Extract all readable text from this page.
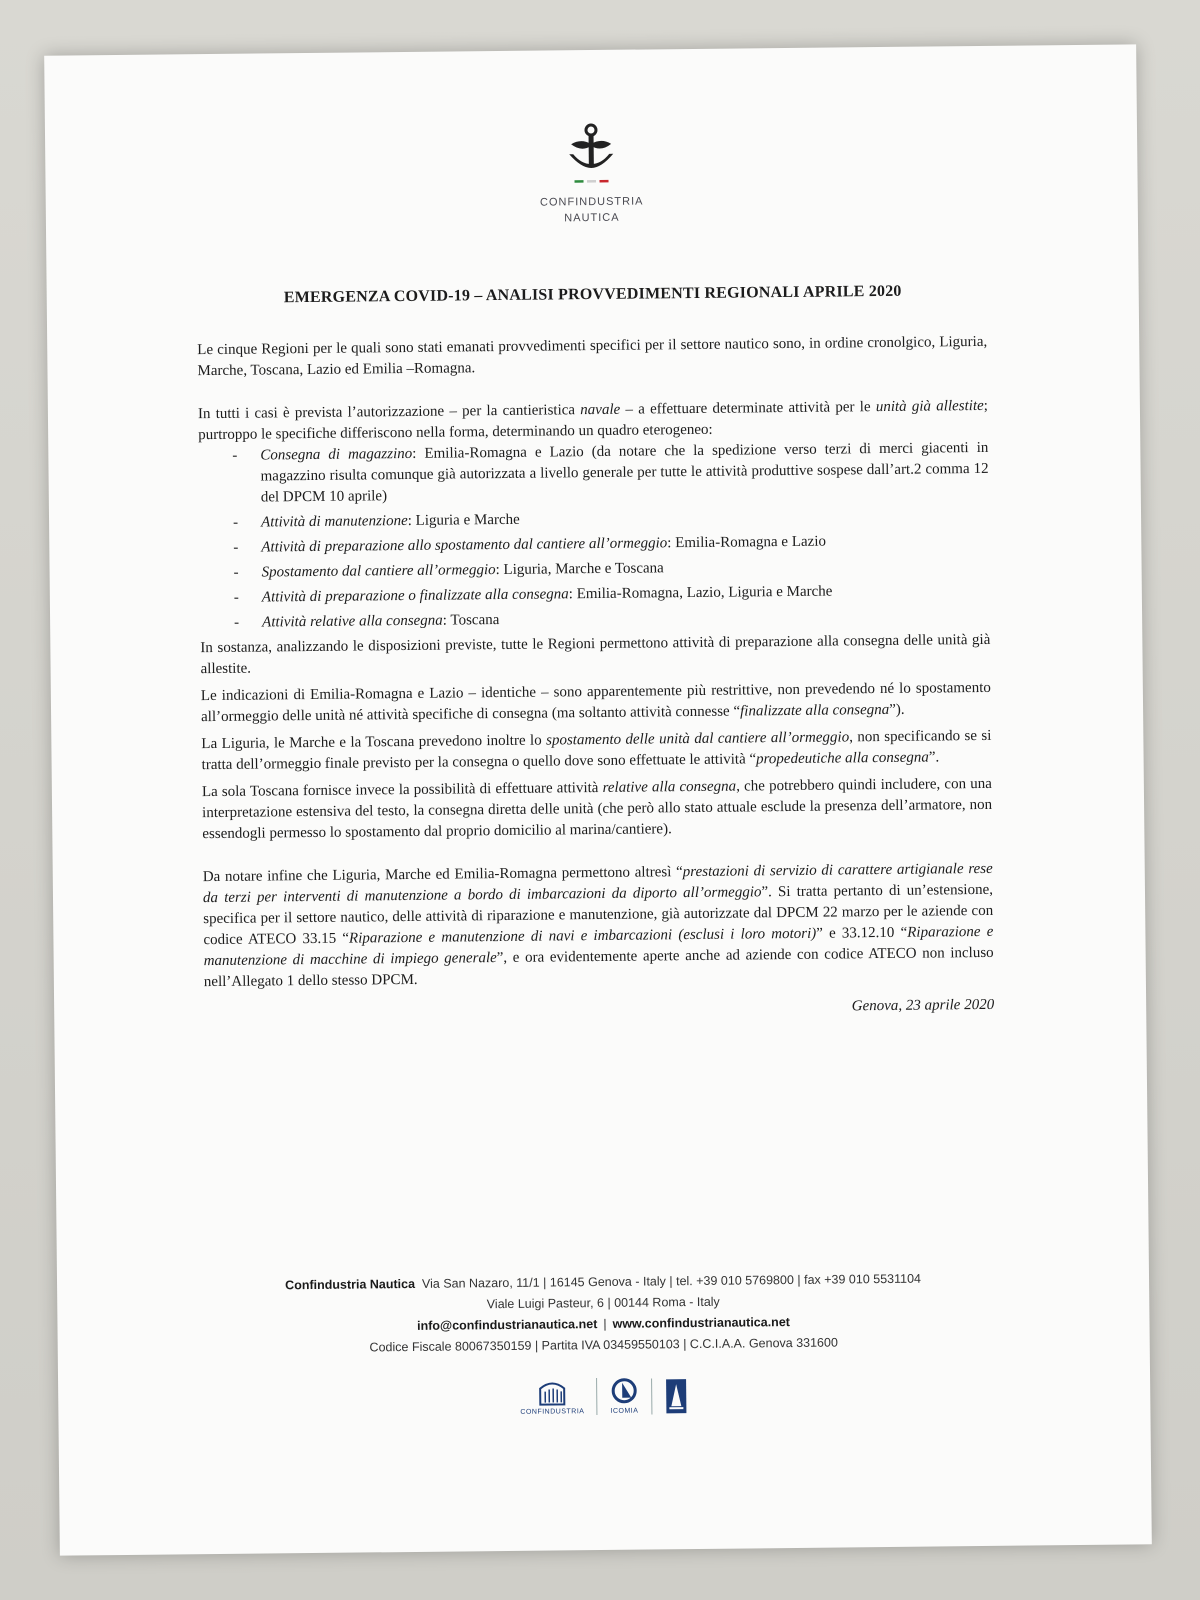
CONFINDUSTRIA
NAUTICA
EMERGENZA COVID-19 – ANALISI PROVVEDIMENTI REGIONALI APRILE 2020

Le cinque Regioni per le quali sono stati emanati provvedimenti specifici per il settore nautico sono, in ordine cronolgico, Liguria, Marche, Toscana, Lazio ed Emilia –Romagna.

In tutti i casi è prevista l’autorizzazione – per la cantieristica navale – a effettuare determinate attività per le unità già allestite; purtroppo le specifiche differiscono nella forma, determinando un quadro eterogeneo:

- Consegna di magazzino: Emilia-Romagna e Lazio (da notare che la spedizione verso terzi di merci giacenti in magazzino risulta comunque già autorizzata a livello generale per tutte le attività produttive sospese dall’art.2 comma 12 del DPCM 10 aprile)
- Attività di manutenzione: Liguria e Marche
- Attività di preparazione allo spostamento dal cantiere all’ormeggio: Emilia-Romagna e Lazio
- Spostamento dal cantiere all’ormeggio: Liguria, Marche e Toscana
- Attività di preparazione o finalizzate alla consegna: Emilia-Romagna, Lazio, Liguria e Marche
- Attività relative alla consegna: Toscana

In sostanza, analizzando le disposizioni previste, tutte le Regioni permettono attività di preparazione alla consegna delle unità già allestite.

Le indicazioni di Emilia-Romagna e Lazio – identiche – sono apparentemente più restrittive, non prevedendo né lo spostamento all’ormeggio delle unità né attività specifiche di consegna (ma soltanto attività connesse “finalizzate alla consegna”).

La Liguria, le Marche e la Toscana prevedono inoltre lo spostamento delle unità dal cantiere all’ormeggio, non specificando se si tratta dell’ormeggio finale previsto per la consegna o quello dove sono effettuate le attività “propedeutiche alla consegna”.

La sola Toscana fornisce invece la possibilità di effettuare attività relative alla consegna, che potrebbero quindi includere, con una interpretazione estensiva del testo, la consegna diretta delle unità (che però allo stato attuale esclude la presenza dell’armatore, non essendogli permesso lo spostamento dal proprio domicilio al marina/cantiere).

Da notare infine che Liguria, Marche ed Emilia-Romagna permettono altresì “prestazioni di servizio di carattere artigianale rese da terzi per interventi di manutenzione a bordo di imbarcazioni da diporto all’ormeggio”. Si tratta pertanto di un’estensione, specifica per il settore nautico, delle attività di riparazione e manutenzione, già autorizzate dal DPCM 22 marzo per le aziende con codice ATECO 33.15 “Riparazione e manutenzione di navi e imbarcazioni (esclusi i loro motori)” e 33.12.10 “Riparazione e manutenzione di macchine di impiego generale”, e ora evidentemente aperte anche ad aziende con codice ATECO non incluso nell’Allegato 1 dello stesso DPCM.

Genova, 23 aprile 2020
Confindustria Nautica Via San Nazaro, 11/1 | 16145 Genova - Italy | tel. +39 010 5769800 | fax +39 010 5531104
Viale Luigi Pasteur, 6 | 00144 Roma - Italy
info@confindustrianautica.net | www.confindustrianautica.net
Codice Fiscale 80067350159 | Partita IVA 03459550103 | C.C.I.A.A. Genova 331600
CONFINDUSTRIA	ICOMIA
